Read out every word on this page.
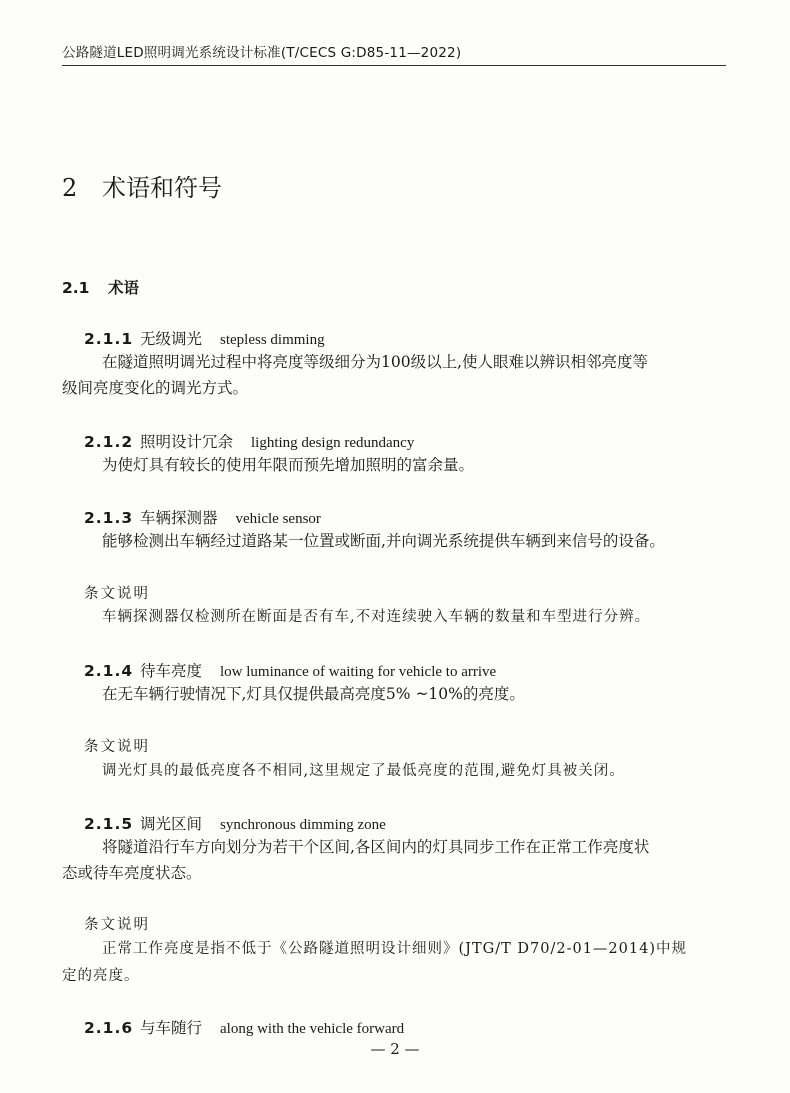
公路隧道LED照明调光系统设计标准(T/CECS G:D85-11—2022)
2 术语和符号
2.1 术语
2.1.1 无级调光 stepless dimming
在隧道照明调光过程中将亮度等级细分为100级以上,使人眼难以辨识相邻亮度等
级间亮度变化的调光方式。
2.1.2 照明设计冗余 lighting design redundancy
为使灯具有较长的使用年限而预先增加照明的富余量。
2.1.3 车辆探测器 vehicle sensor
能够检测出车辆经过道路某一位置或断面,并向调光系统提供车辆到来信号的设备。
条文说明
车辆探测器仅检测所在断面是否有车,不对连续驶入车辆的数量和车型进行分辨。
2.1.4 待车亮度 low luminance of waiting for vehicle to arrive
在无车辆行驶情况下,灯具仅提供最高亮度5% ~10%的亮度。
条文说明
调光灯具的最低亮度各不相同,这里规定了最低亮度的范围,避免灯具被关闭。
2.1.5 调光区间 synchronous dimming zone
将隧道沿行车方向划分为若干个区间,各区间内的灯具同步工作在正常工作亮度状
态或待车亮度状态。
条文说明
正常工作亮度是指不低于《公路隧道照明设计细则》(JTG/T D70/2-01—2014)中规
定的亮度。
2.1.6 与车随行 along with the vehicle forward
— 2 —
